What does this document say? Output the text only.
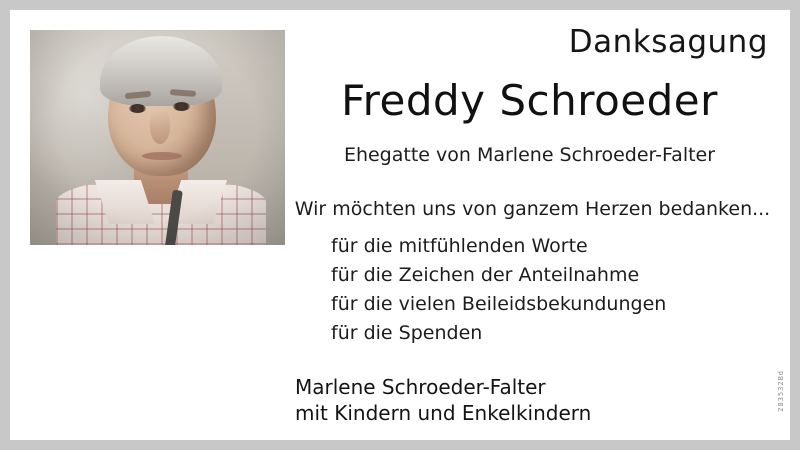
Danksagung
Freddy Schroeder
Ehegatte von Marlene Schroeder-Falter
Wir möchten uns von ganzem Herzen bedanken...
für die mitfühlenden Worte
für die Zeichen der Anteilnahme
für die vielen Beileidsbekundungen
für die Spenden
Marlene Schroeder-Falter
mit Kindern und Enkelkindern
283532Bd
